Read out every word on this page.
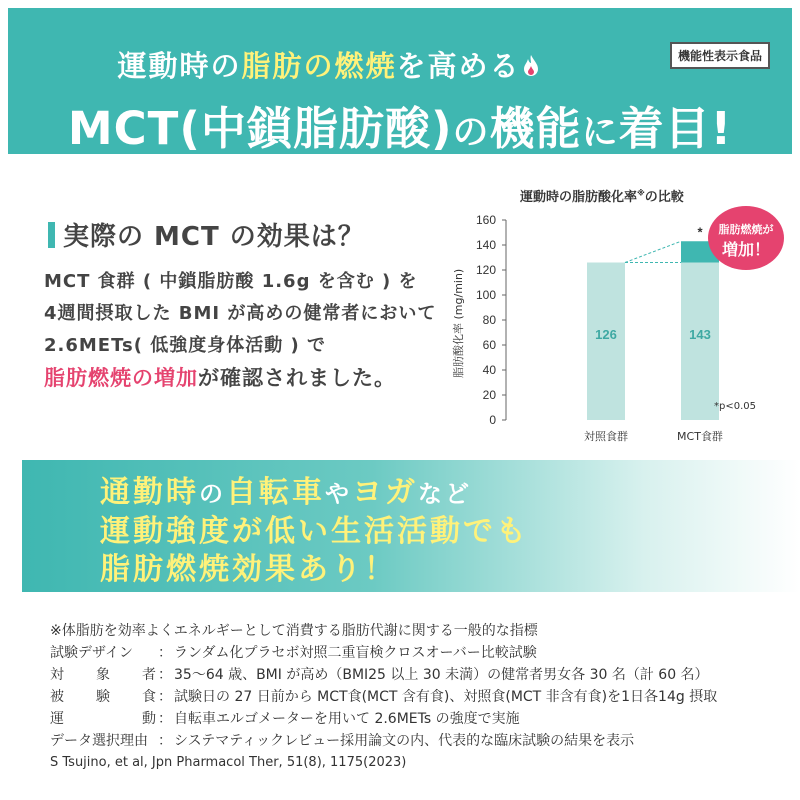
運動時の脂肪の燃焼を高める	機能性表示食品
MCT(中鎖脂肪酸)の機能に着目!
実際の MCT の効果は？
MCT 食群 ( 中鎖脂肪酸 1.6g を含む ) を
4週間摂取した BMI が高めの健常者において
2.6METs( 低強度身体活動 ) で
脂肪燃焼の増加が確認されました。
運動時の脂肪酸化率※の比較
脂肪酸化率 (mg/min)
0
20
40
60
80
100
120
140
160
126
対照食群
143
MCT食群
*	脂肪燃焼が
増加！
*p<0.05
通勤時の自転車やヨガなど
運動強度が低い生活活動でも
脂肪燃焼効果あり！
※体脂肪を効率よくエネルギーとして消費する脂肪代謝に関する一般的な指標
試験デザイン	： ランダム化プラセボ対照二重盲検クロスオーバー比較試験
対 象 者 ： 35～64 歳、BMI が高め（BMI25 以上 30 未満）の健常者男女各 30 名（計 60 名）
被 験 食 ： 試験日の 27 日前から MCT食(MCT 含有食)、対照食(MCT 非含有食)を1日各14g 摂取
運	動 ： 自転車エルゴメーターを用いて 2.6METs の強度で実施
データ選択理由 ： システマティックレビュー採用論文の内、代表的な臨床試験の結果を表示
S Tsujino, et al, Jpn Pharmacol Ther, 51(8), 1175(2023)
